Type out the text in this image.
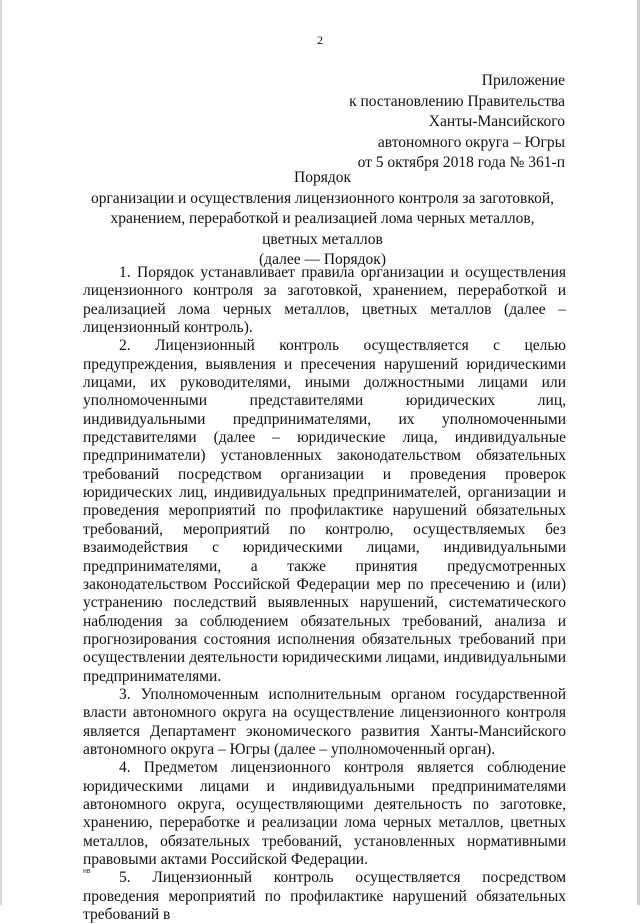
2
Приложение
к постановлению Правительства
Ханты-Мансийского
автономного округа – Югры
от 5 октября 2018 года № 361-п
Порядок
организации и осуществления лицензионного контроля за заготовкой,
хранением, переработкой и реализацией лома черных металлов,
цветных металлов
(далее — Порядок)

1. Порядок устанавливает правила организации и осуществления лицензионного контроля за заготовкой, хранением, переработкой и реализацией лома черных металлов, цветных металлов (далее – лицензионный контроль).

2. Лицензионный контроль осуществляется с целью предупреждения, выявления и пресечения нарушений юридическими лицами, их руководителями, иными должностными лицами или уполномоченными представителями юридических лиц, индивидуальными предпринимателями, их уполномоченными представителями (далее – юридические лица, индивидуальные предприниматели) установленных законодательством обязательных требований посредством организации и проведения проверок юридических лиц, индивидуальных предпринимателей, организации и проведения мероприятий по профилактике нарушений обязательных требований, мероприятий по контролю, осуществляемых без взаимодействия с юридическими лицами, индивидуальными предпринимателями, а также принятия предусмотренных законодательством Российской Федерации мер по пресечению и (или) устранению последствий выявленных нарушений, систематического наблюдения за соблюдением обязательных требований, анализа и прогнозирования состояния исполнения обязательных требований при осуществлении деятельности юридическими лицами, индивидуальными предпринимателями.

3. Уполномоченным исполнительным органом государственной власти автономного округа на осуществление лицензионного контроля является Департамент экономического развития Ханты-Мансийского автономного округа – Югры (далее – уполномоченный орган).

4. Предметом лицензионного контроля является соблюдение юридическими лицами и индивидуальными предпринимателями автономного округа, осуществляющими деятельность по заготовке, хранению, переработке и реализации лома черных металлов, цветных металлов, обязательных требований, установленных нормативными правовыми актами Российской Федерации.

5. Лицензионный контроль осуществляется посредством проведения мероприятий по профилактике нарушений обязательных требований в

нв
